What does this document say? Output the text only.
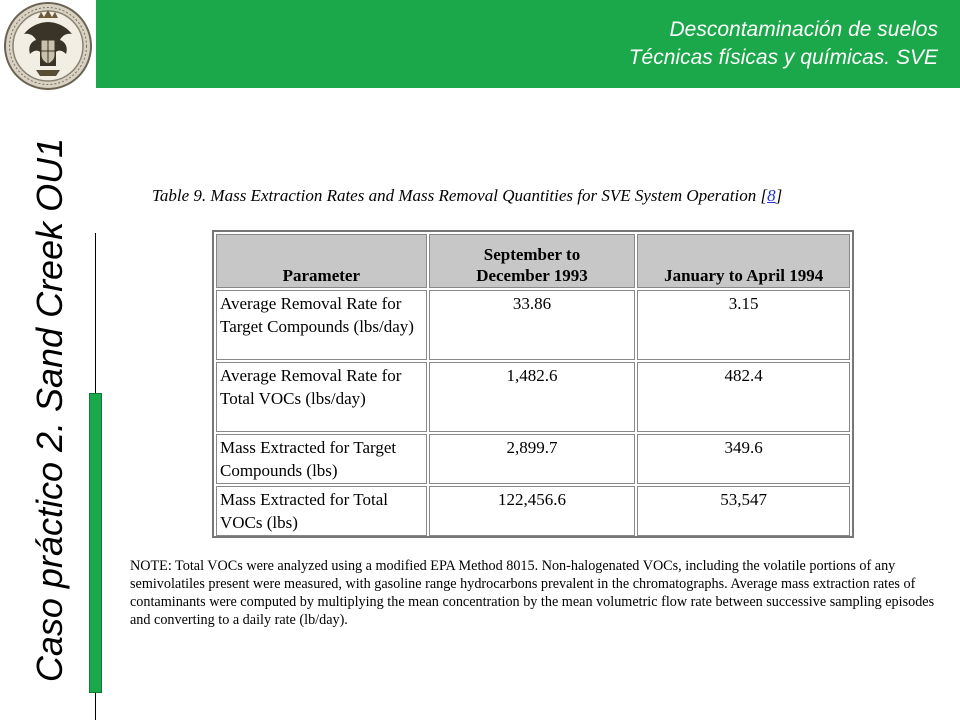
Descontaminación de suelos
Técnicas físicas y químicas. SVE
Caso práctico 2. Sand Creek OU1	Table 9. Mass Extraction Rates and Mass Removal Quantities for SVE System Operation [8]
Parameter	September to December 1993	January to April 1994
Average Removal Rate for Target Compounds (lbs/day)	33.86	3.15
Average Removal Rate for Total VOCs (lbs/day)	1,482.6	482.4
Mass Extracted for Target Compounds (lbs)	2,899.7	349.6
Mass Extracted for Total VOCs (lbs)	122,456.6	53,547
NOTE: Total VOCs were analyzed using a modified EPA Method 8015. Non-halogenated VOCs, including the volatile portions of any semivolatiles present were measured, with gasoline range hydrocarbons prevalent in the chromatographs. Average mass extraction rates of contaminants were computed by multiplying the mean concentration by the mean volumetric flow rate between successive sampling episodes and converting to a daily rate (lb/day).
